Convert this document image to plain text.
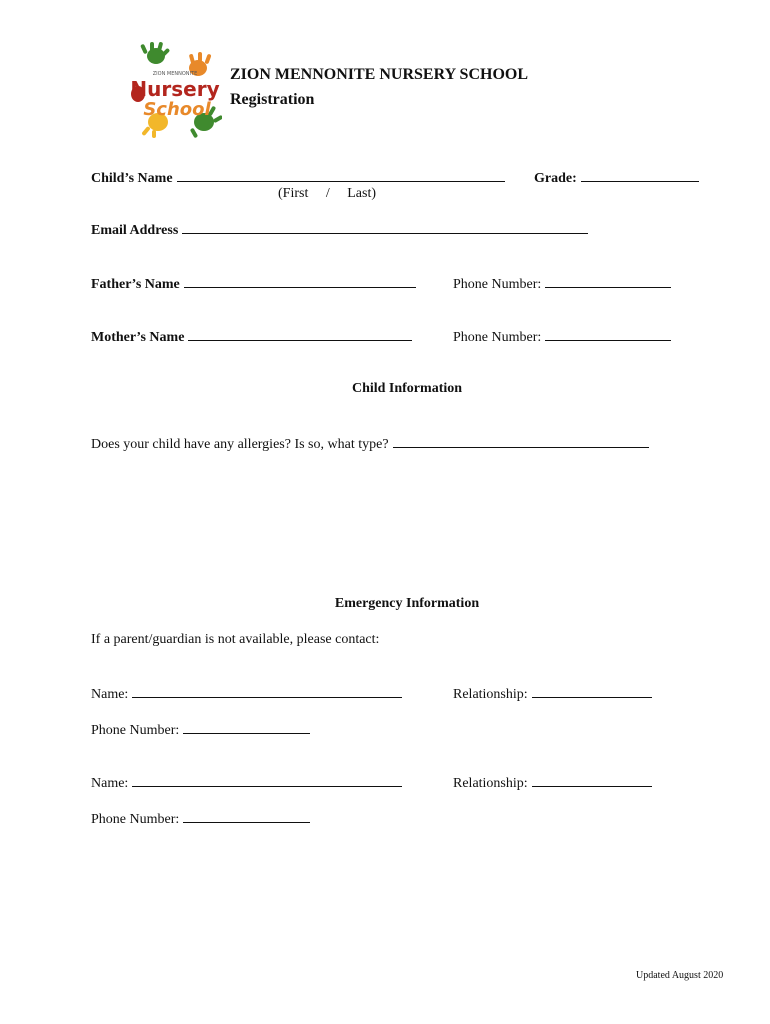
ZION MENNONITE
Nursery
School
ZION MENNONITE NURSERY SCHOOL
Registration
Child’s Name	Grade:
(First     /     Last)
Email Address
Father’s Name	Phone Number:
Mother’s Name	Phone Number:
Child Information
Does your child have any allergies? Is so, what type?
Emergency Information
If a parent/guardian is not available, please contact:
Name:	Relationship:
Phone Number:
Name:	Relationship:
Phone Number:
Updated August 2020
